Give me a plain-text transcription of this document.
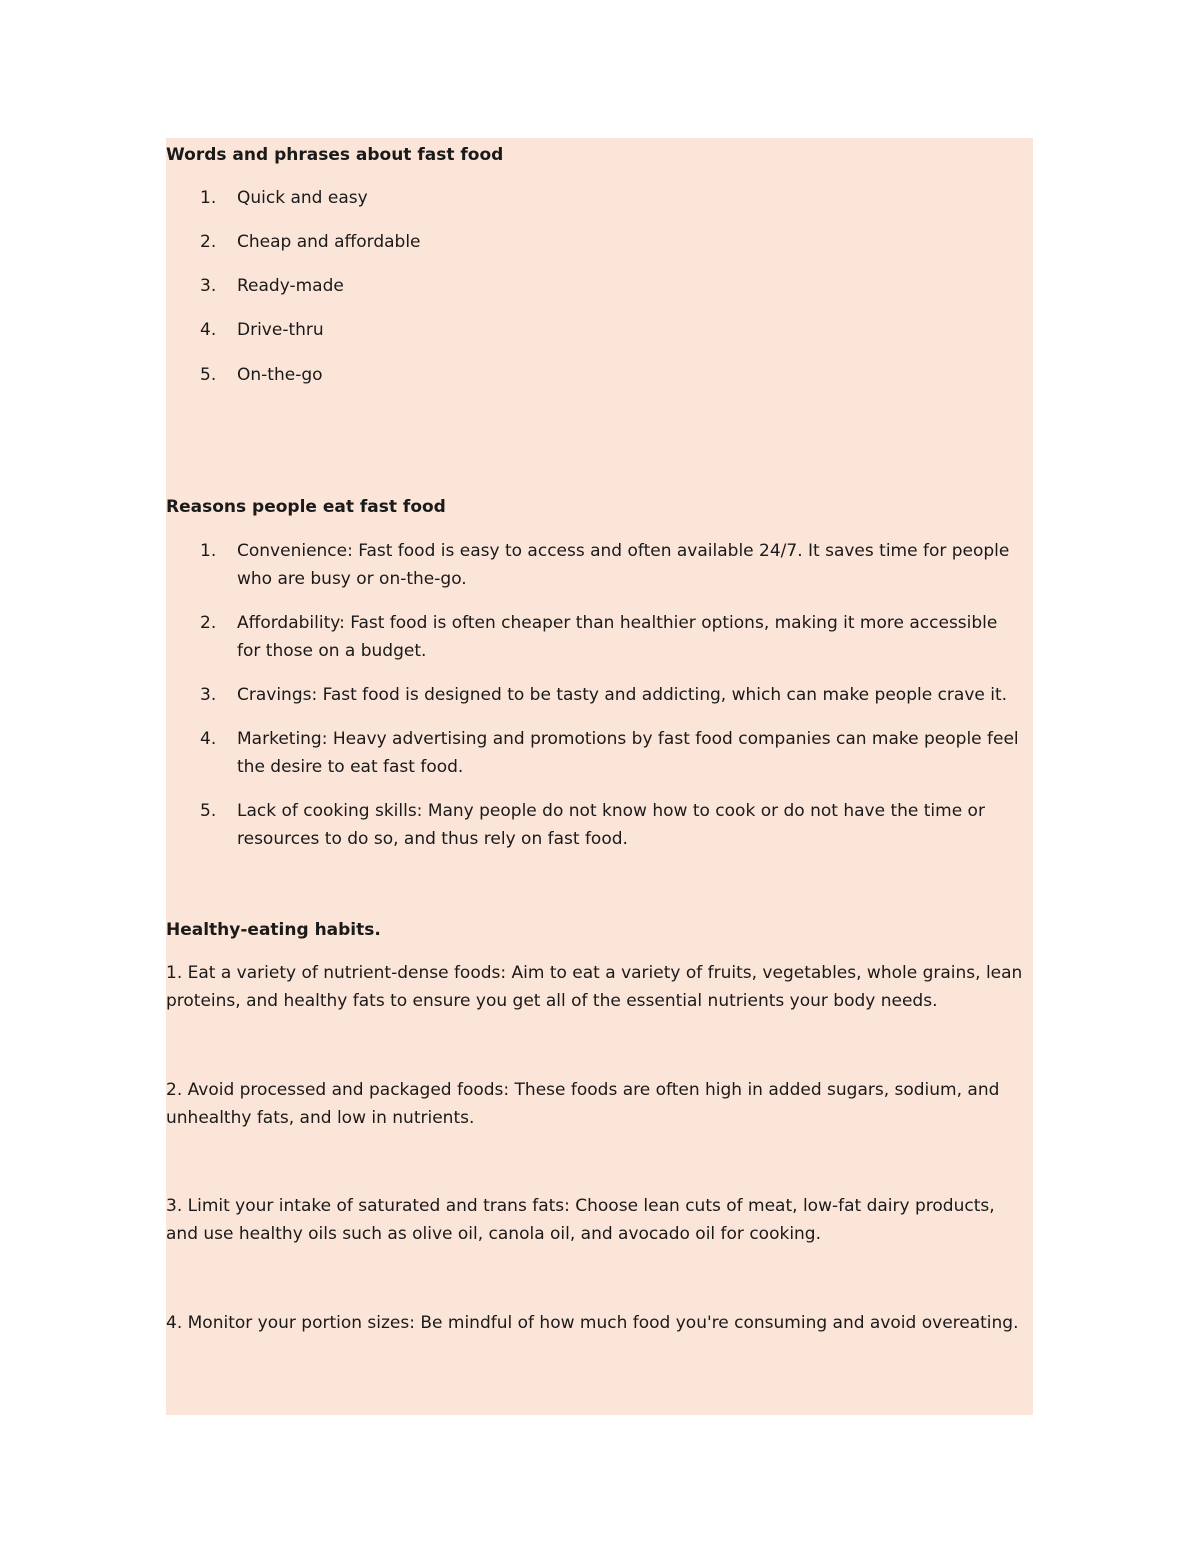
Words and phrases about fast food
1.	Quick and easy
2.	Cheap and affordable
3.	Ready-made
4.	Drive-thru
5.	On-the-go
Reasons people eat fast food
1.	Convenience: Fast food is easy to access and often available 24/7. It saves time for people who are busy or on-the-go.
2.	Affordability: Fast food is often cheaper than healthier options, making it more accessible for those on a budget.
3.	Cravings: Fast food is designed to be tasty and addicting, which can make people crave it.
4.	Marketing: Heavy advertising and promotions by fast food companies can make people feel the desire to eat fast food.
5.	Lack of cooking skills: Many people do not know how to cook or do not have the time or resources to do so, and thus rely on fast food.
Healthy-eating habits.

1. Eat a variety of nutrient-dense foods: Aim to eat a variety of fruits, vegetables, whole grains, lean proteins, and healthy fats to ensure you get all of the essential nutrients your body needs.

2. Avoid processed and packaged foods: These foods are often high in added sugars, sodium, and unhealthy fats, and low in nutrients.

3. Limit your intake of saturated and trans fats: Choose lean cuts of meat, low-fat dairy products, and use healthy oils such as olive oil, canola oil, and avocado oil for cooking.

4. Monitor your portion sizes: Be mindful of how much food you're consuming and avoid overeating.
